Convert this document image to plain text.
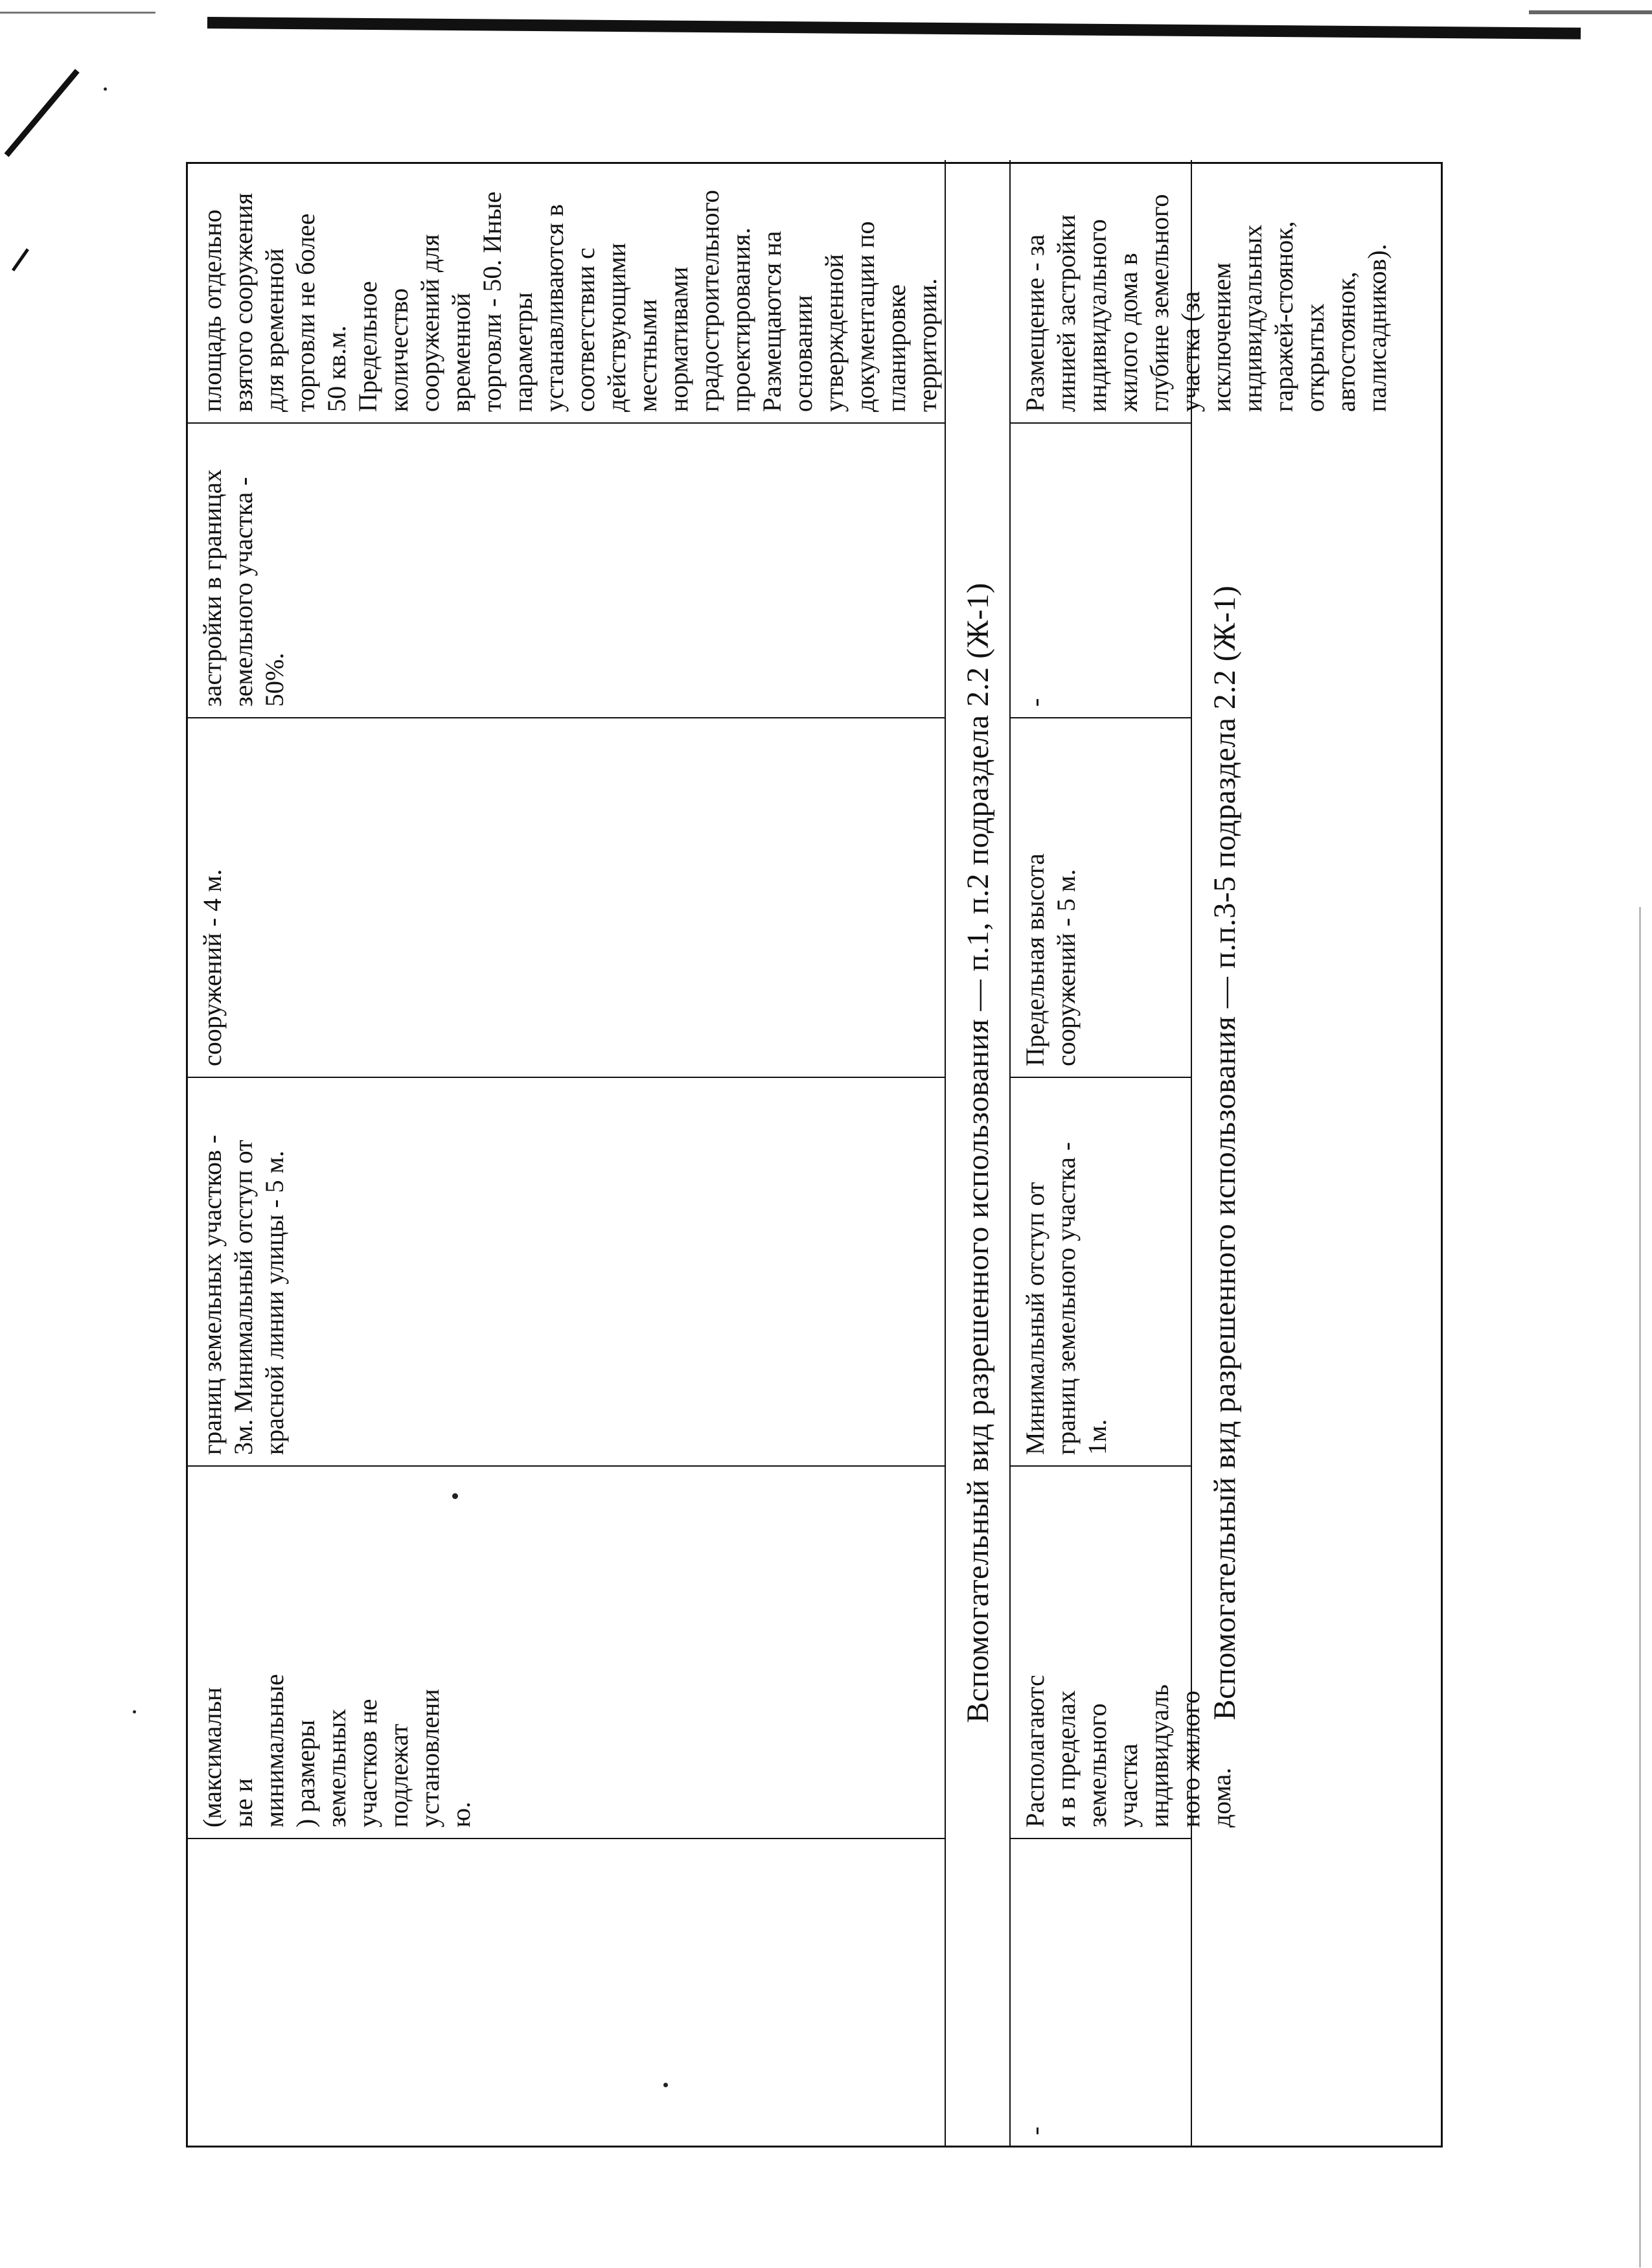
(максимальн
ые и
минимальные
) размеры
земельных
участков не
подлежат
установлени
ю.
границ земельных участков -
3м. Минимальный отступ от
красной линии улицы - 5 м.
сооружений - 4 м.
застройки в границах
земельного участка -
50%.
площадь отдельно
взятого сооружения
для временной
торговли не более
50 кв.м.
Предельное
количество
сооружений для
временной
торговли - 50. Иные
параметры
устанавливаются в
соответствии с
действующими
местными
нормативами
градостроительного
проектирования.
Размещаются на
основании
утвержденной
документации по
планировке
территории.
Вспомогательный вид разрешенного использования — п.1, п.2 подраздела 2.2 (Ж-1)
-
Располагаютс
я в пределах
земельного
участка
индивидуаль
ного жилого
дома.
Минимальный отступ от
границ земельного участка -
1м.
Предельная высота
сооружений - 5 м.
-
Размещение - за
линией застройки
индивидуального
жилого дома в
глубине земельного
участка (за
исключением
индивидуальных
гаражей-стоянок,
открытых
автостоянок,
палисадников).
Вспомогательный вид разрешенного использования — п.п.3-5 подраздела 2.2 (Ж-1)
